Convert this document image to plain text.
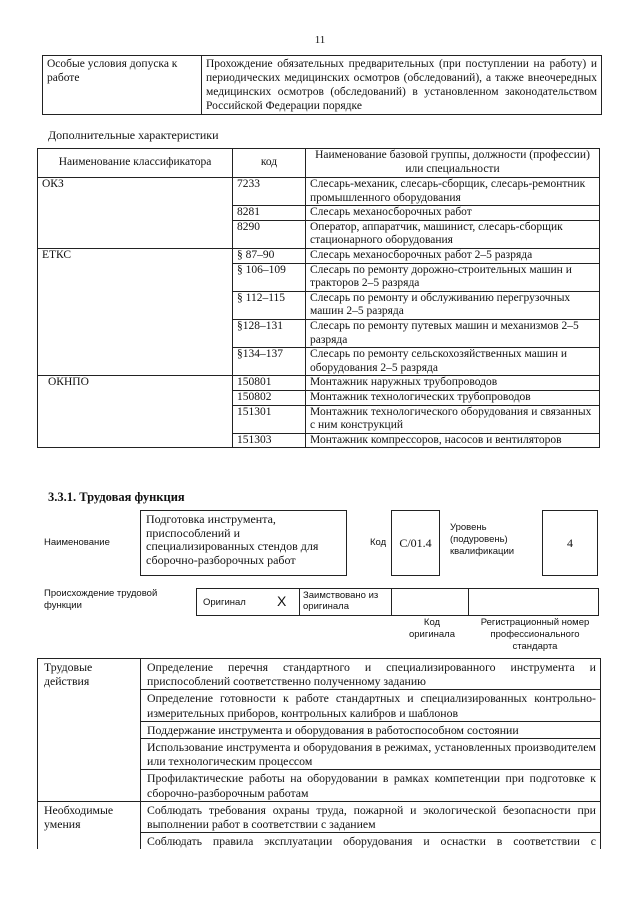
11
Особые условия допуска к работе	Прохождение обязательных предварительных (при поступлении на работу) и периодических медицинских осмотров (обследований), а также внеочередных медицинских осмотров (обследований) в установленном законодательством Российской Федерации порядке
Дополнительные характеристики
Наименование классификатора	код	Наименование базовой группы, должности (профессии) или специальности
ОКЗ	7233	Слесарь-механик, слесарь-сборщик, слесарь-ремонтник промышленного оборудования
	8281	Слесарь механосборочных работ
	8290	Оператор, аппаратчик, машинист, слесарь-сборщик стационарного оборудования
ЕТКС	§ 87–90	Слесарь механосборочных работ 2–5 разряда
	§ 106–109	Слесарь по ремонту дорожно-строительных машин и тракторов 2–5 разряда
	§ 112–115	Слесарь по ремонту и обслуживанию перегрузочных машин 2–5 разряда
	§128–131	Слесарь по ремонту путевых машин и механизмов 2–5 разряда
	§134–137	Слесарь по ремонту сельскохозяйственных машин и оборудования 2–5 разряда
ОКНПО	150801	Монтажник наружных трубопроводов
	150802	Монтажник технологических трубопроводов
	151301	Монтажник технологического оборудования и связанных с ним конструкций
	151303	Монтажник компрессоров, насосов и вентиляторов
3.3.1. Трудовая функция
Наименование
Подготовка инструмента, приспособлений и специализированных стендов для сборочно-разборочных работ
Код	С/01.4
Уровень (подуровень) квалификации
4
Происхождение трудовой функции	Оригинал X Заимствовано из оригинала
Код оригинала
Регистрационный номер профессионального стандарта
Трудовые действия	Определение перечня стандартного и специализированного инструмента и приспособлений соответственно полученному заданию
	Определение готовности к работе стандартных и специализированных контрольно-измерительных приборов, контрольных калибров и шаблонов
	Поддержание инструмента и оборудования в работоспособном состоянии
	Использование инструмента и оборудования в режимах, установленных производителем или технологическим процессом
	Профилактические работы на оборудовании в рамках компетенции при подготовке к сборочно-разборочным работам
Необходимые умения	Соблюдать требования охраны труда, пожарной и экологической безопасности при выполнении работ в соответствии с заданием
	Соблюдать правила эксплуатации оборудования и оснастки в соответствии с
